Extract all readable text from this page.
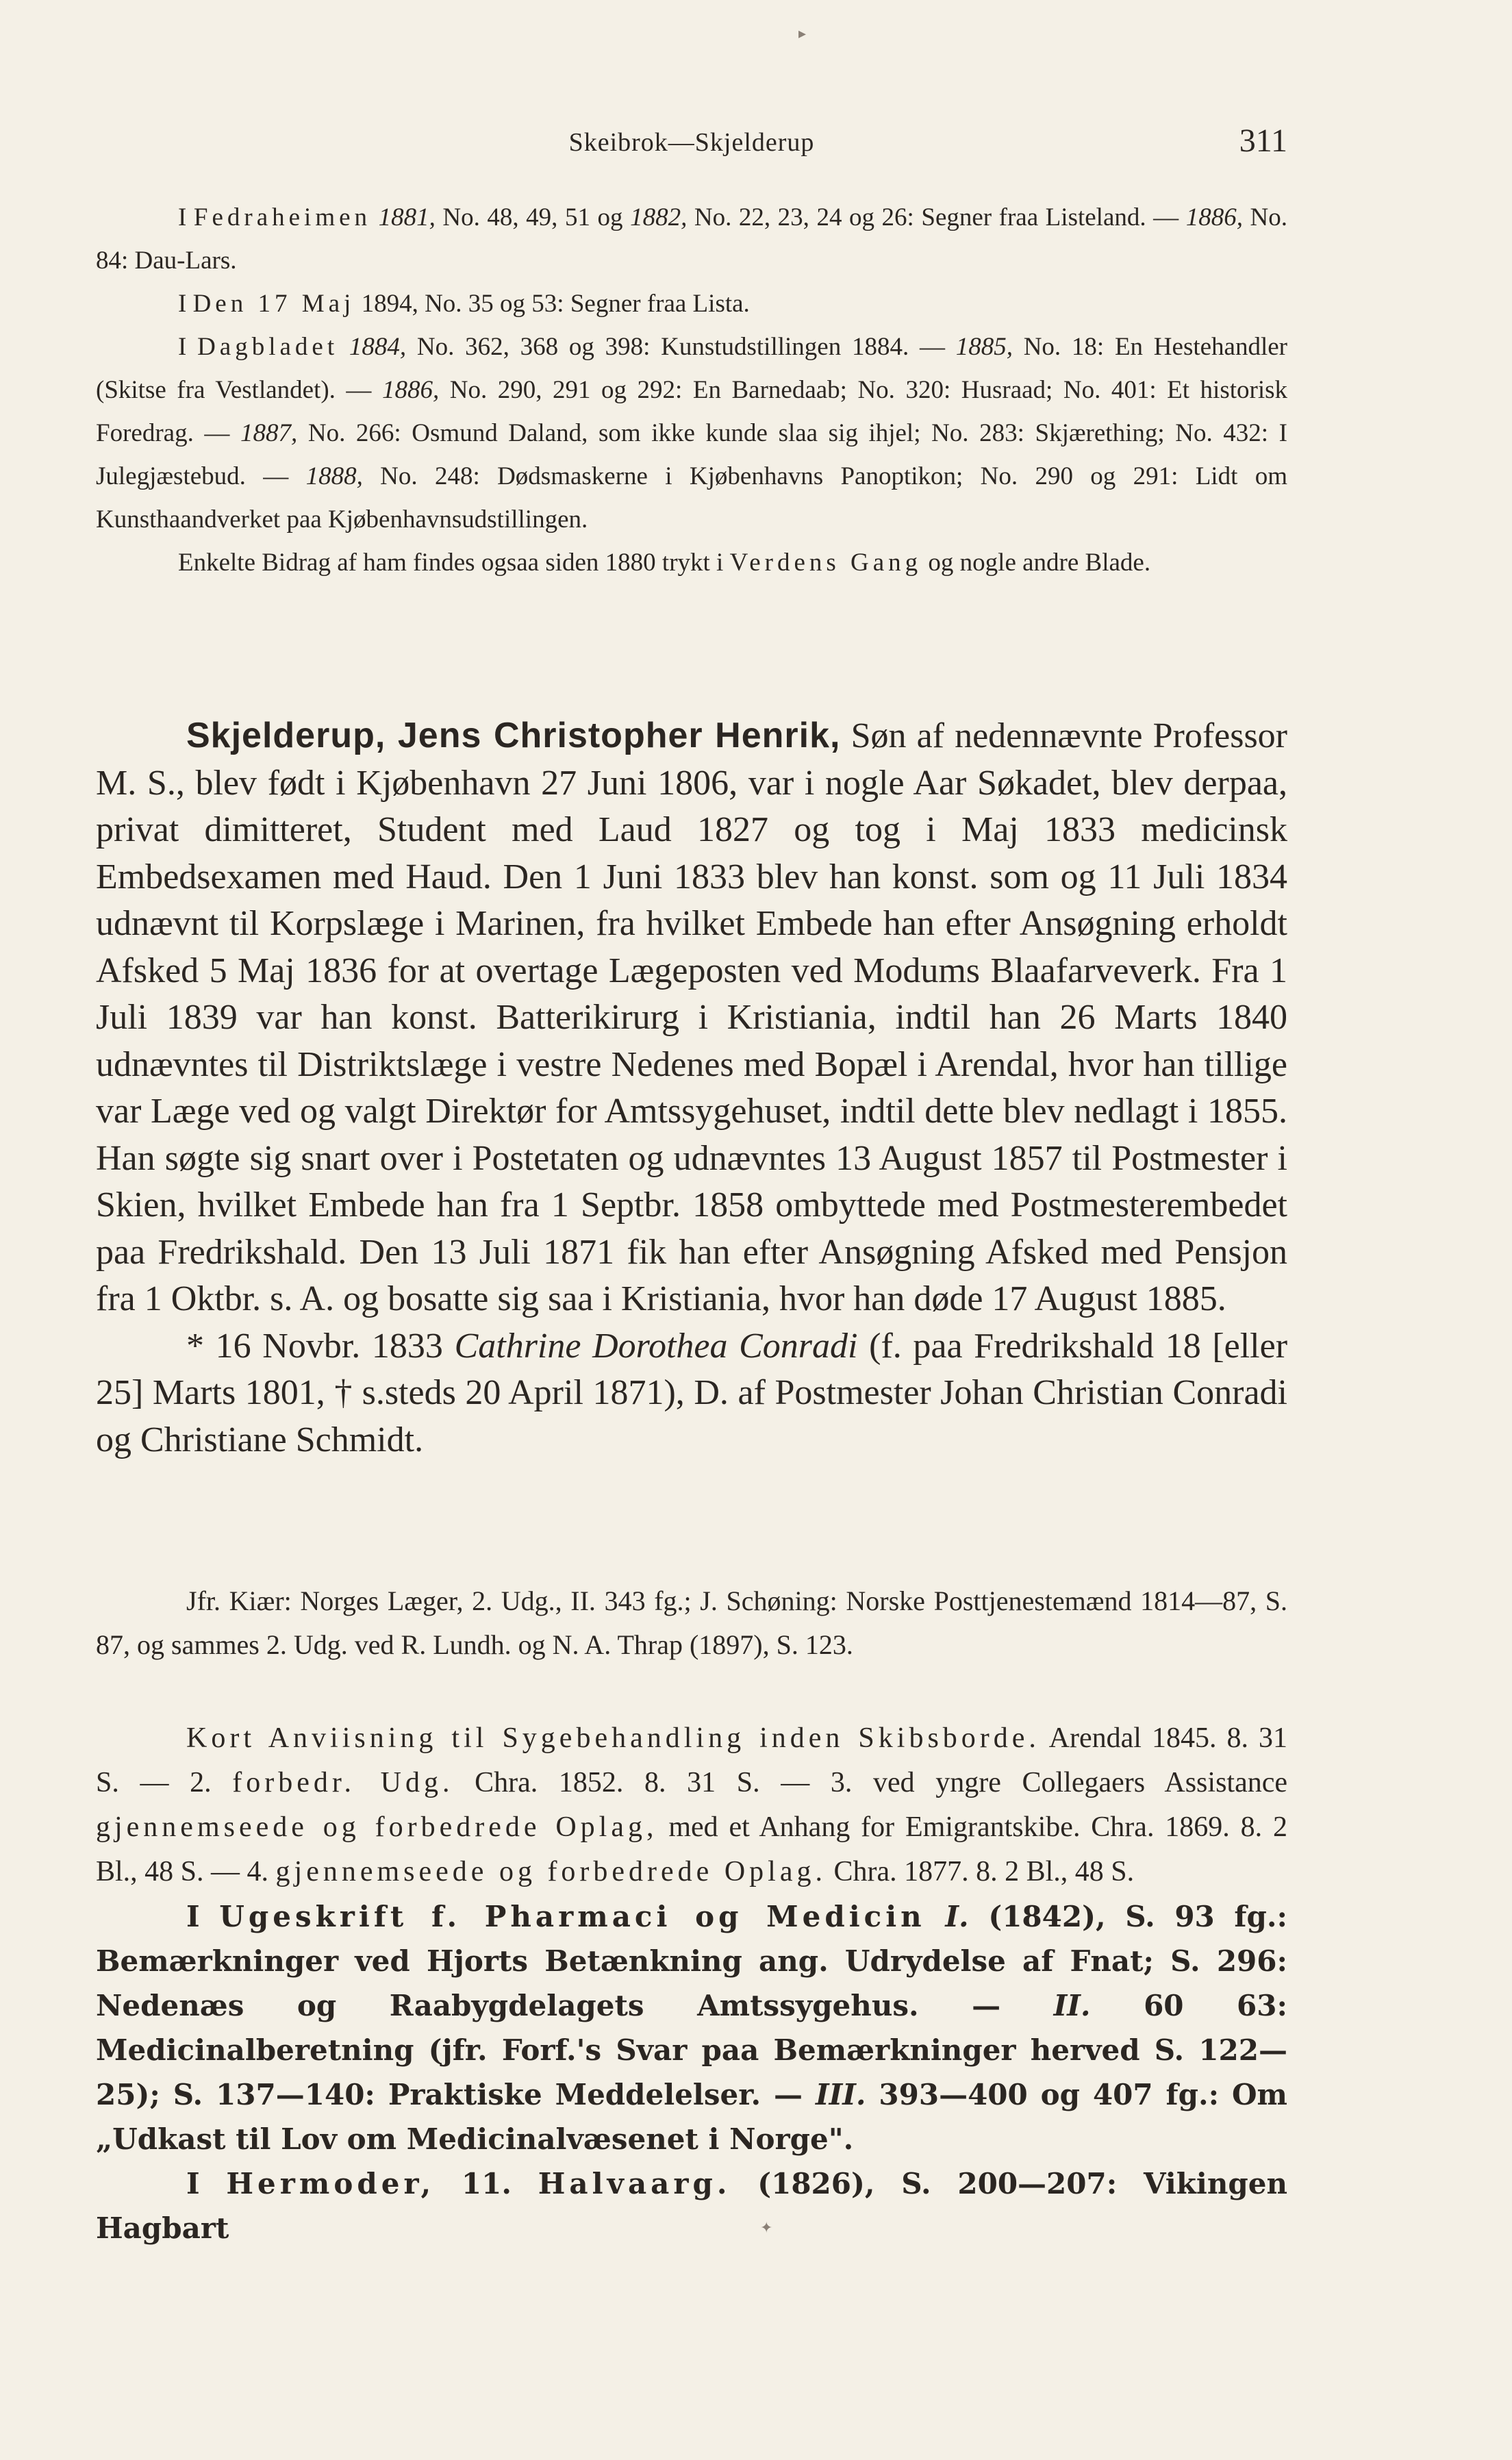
▸
Skeibrok—Skjelderup	311

I Fedraheimen 1881, No. 48, 49, 51 og 1882, No. 22, 23, 24 og 26: Segner fraa Listeland. — 1886, No. 84: Dau-Lars.

I Den 17 Maj 1894, No. 35 og 53: Segner fraa Lista.

I Dagbladet 1884, No. 362, 368 og 398: Kunstudstillingen 1884. — 1885, No. 18: En Hestehandler (Skitse fra Vestlandet). — 1886, No. 290, 291 og 292: En Barnedaab; No. 320: Husraad; No. 401: Et historisk Foredrag. — 1887, No. 266: Osmund Daland, som ikke kunde slaa sig ihjel; No. 283: Skjærething; No. 432: I Julegjæstebud. — 1888, No. 248: Dødsmaskerne i Kjøbenhavns Panoptikon; No. 290 og 291: Lidt om Kunsthaandverket paa Kjøbenhavnsudstillingen.

Enkelte Bidrag af ham findes ogsaa siden 1880 trykt i Verdens Gang og nogle andre Blade.

Skjelderup, Jens Christopher Henrik, Søn af nedennævnte Professor M. S., blev født i Kjøbenhavn 27 Juni 1806, var i nogle Aar Søkadet, blev derpaa, privat dimitteret, Student med Laud 1827 og tog i Maj 1833 medicinsk Embedsexamen med Haud. Den 1 Juni 1833 blev han konst. som og 11 Juli 1834 udnævnt til Korpslæge i Marinen, fra hvilket Embede han efter Ansøgning erholdt Afsked 5 Maj 1836 for at overtage Lægeposten ved Modums Blaafarveverk. Fra 1 Juli 1839 var han konst. Batterikirurg i Kristiania, indtil han 26 Marts 1840 udnævntes til Distriktslæge i vestre Nedenes med Bopæl i Arendal, hvor han tillige var Læge ved og valgt Direktør for Amtssygehuset, indtil dette blev nedlagt i 1855. Han søgte sig snart over i Postetaten og udnævntes 13 August 1857 til Postmester i Skien, hvilket Embede han fra 1 Septbr. 1858 ombyttede med Postmesterembedet paa Fredrikshald. Den 13 Juli 1871 fik han efter Ansøgning Afsked med Pensjon fra 1 Oktbr. s. A. og bosatte sig saa i Kristiania, hvor han døde 17 August 1885.

* 16 Novbr. 1833 Cathrine Dorothea Conradi (f. paa Fredrikshald 18 [eller 25] Marts 1801, † s.steds 20 April 1871), D. af Postmester Johan Christian Conradi og Christiane Schmidt.

Jfr. Kiær: Norges Læger, 2. Udg., II. 343 fg.; J. Schøning: Norske Posttjenestemænd 1814—87, S. 87, og sammes 2. Udg. ved R. Lundh. og N. A. Thrap (1897), S. 123.

Kort Anviisning til Sygebehandling inden Skibsborde. Arendal 1845. 8. 31 S. — 2. forbedr. Udg. Chra. 1852. 8. 31 S. — 3. ved yngre Collegaers Assistance gjennemseede og forbedrede Oplag, med et Anhang for Emigrantskibe. Chra. 1869. 8. 2 Bl., 48 S. — 4. gjennemseede og forbedrede Oplag. Chra. 1877. 8. 2 Bl., 48 S.

I Ugeskrift f. Pharmaci og Medicin I. (1842), S. 93 fg.: Bemærkninger ved Hjorts Betænkning ang. Udrydelse af Fnat; S. 296: Nedenæs og Raabygdelagets Amtssygehus. — II. 60 63: Medicinalberetning (jfr. Forf.'s Svar paa Bemærkninger herved S. 122—25); S. 137—140: Praktiske Meddelelser. — III. 393—400 og 407 fg.: Om „Udkast til Lov om Medicinalvæsenet i Norge".

I Hermoder, 11. Halvaarg. (1826), S. 200—207: Vikingen Hagbart	✦
